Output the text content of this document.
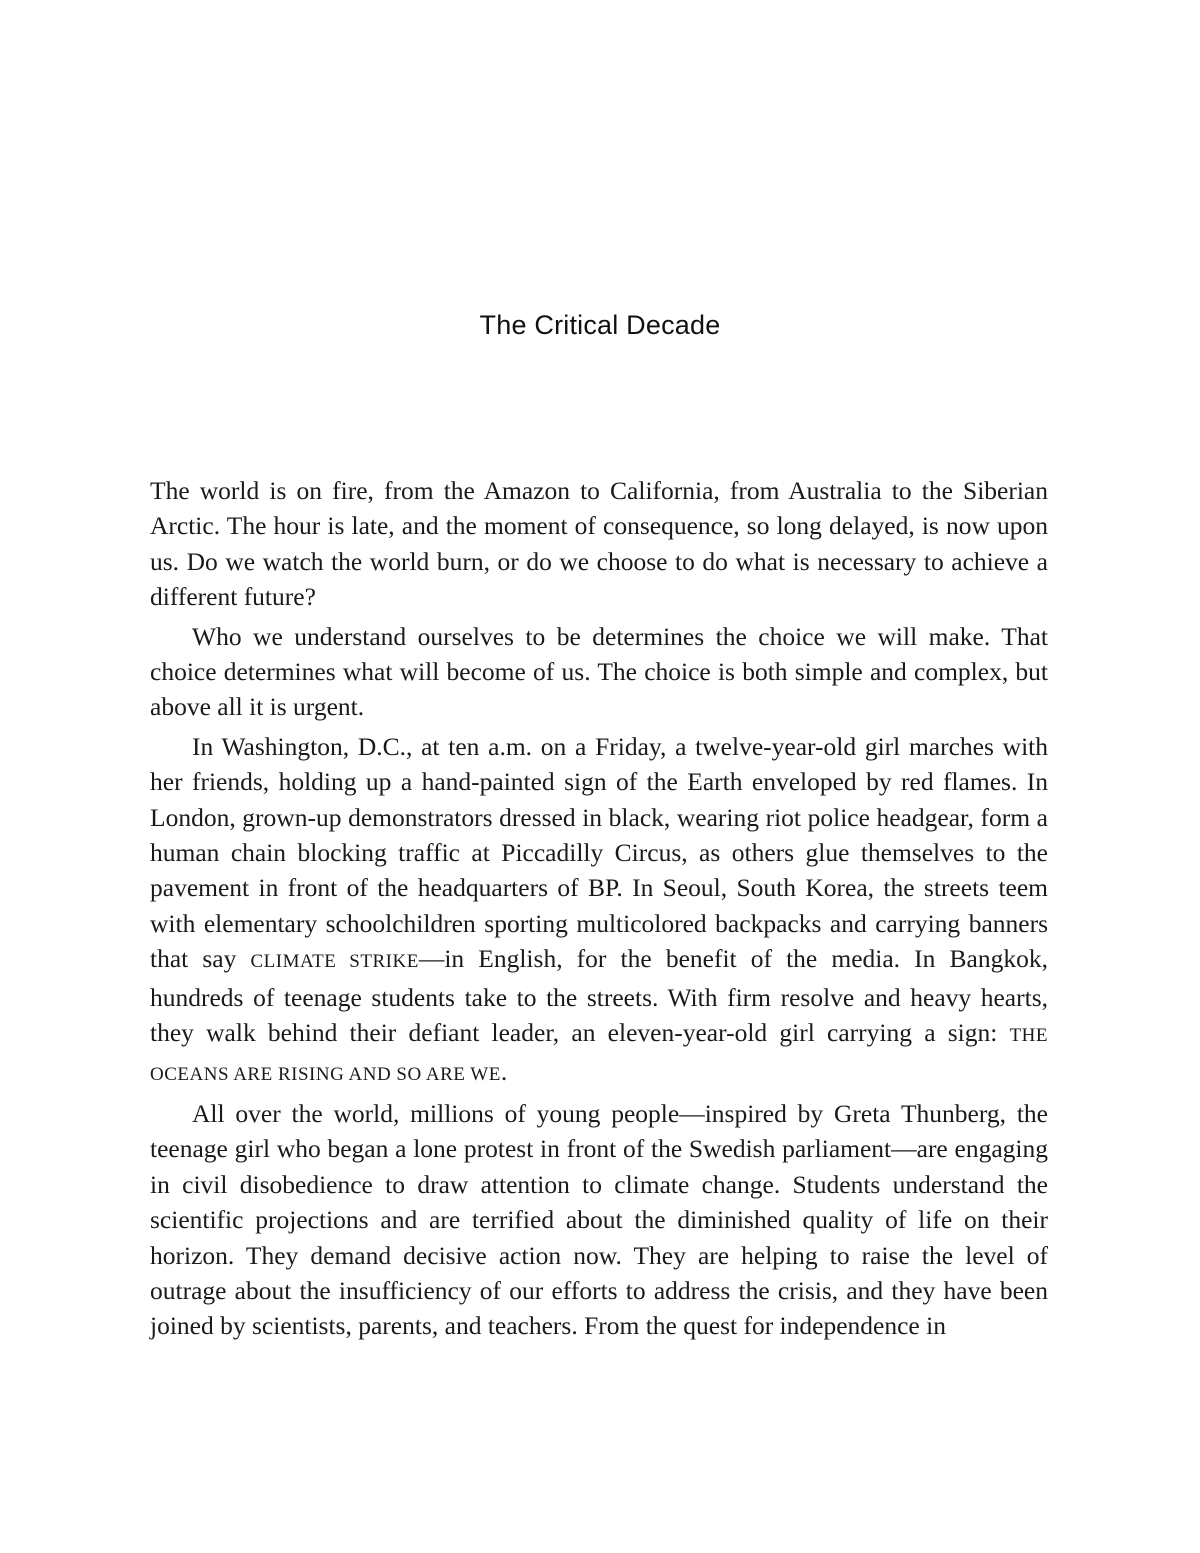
The Critical Decade

The world is on fire, from the Amazon to California, from Australia to the Siberian Arctic. The hour is late, and the moment of consequence, so long delayed, is now upon us. Do we watch the world burn, or do we choose to do what is necessary to achieve a different future?

Who we understand ourselves to be determines the choice we will make. That choice determines what will become of us. The choice is both simple and complex, but above all it is urgent.

In Washington, D.C., at ten a.m. on a Friday, a twelve-year-old girl marches with her friends, holding up a hand-painted sign of the Earth enveloped by red flames. In London, grown-up demonstrators dressed in black, wearing riot police headgear, form a human chain blocking traffic at Piccadilly Circus, as others glue themselves to the pavement in front of the headquarters of BP. In Seoul, South Korea, the streets teem with elementary schoolchildren sporting multicolored backpacks and carrying banners that say CLIMATE STRIKE—in English, for the benefit of the media. In Bangkok, hundreds of teenage students take to the streets. With firm resolve and heavy hearts, they walk behind their defiant leader, an eleven-year-old girl carrying a sign: THE OCEANS ARE RISING AND SO ARE WE.

All over the world, millions of young people—inspired by Greta Thunberg, the teenage girl who began a lone protest in front of the Swedish parliament—are engaging in civil disobedience to draw attention to climate change. Students understand the scientific projections and are terrified about the diminished quality of life on their horizon. They demand decisive action now. They are helping to raise the level of outrage about the insufficiency of our efforts to address the crisis, and they have been joined by scientists, parents, and teachers. From the quest for independence in
